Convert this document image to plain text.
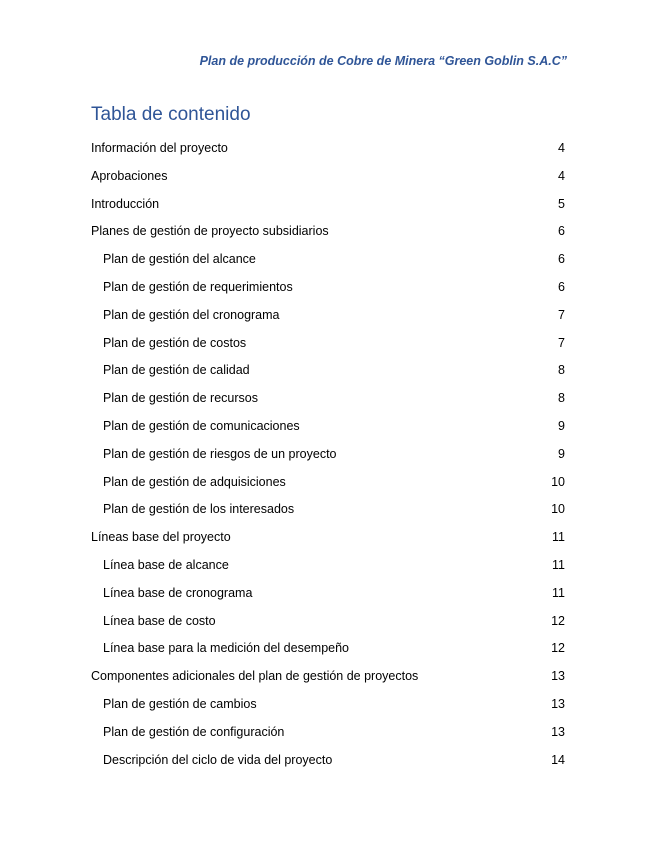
Plan de producción de Cobre de Minera “Green Goblin S.A.C”
Tabla de contenido
Información del proyecto	4
Aprobaciones	4
Introducción	5
Planes de gestión de proyecto subsidiarios	6
Plan de gestión del alcance	6
Plan de gestión de requerimientos	6
Plan de gestión del cronograma	7
Plan de gestión de costos	7
Plan de gestión de calidad	8
Plan de gestión de recursos	8
Plan de gestión de comunicaciones	9
Plan de gestión de riesgos de un proyecto	9
Plan de gestión de adquisiciones	10
Plan de gestión de los interesados	10
Líneas base del proyecto	11
Línea base de alcance	11
Línea base de cronograma	11
Línea base de costo	12
Línea base para la medición del desempeño	12
Componentes adicionales del plan de gestión de proyectos	13
Plan de gestión de cambios	13
Plan de gestión de configuración	13
Descripción del ciclo de vida del proyecto	14
